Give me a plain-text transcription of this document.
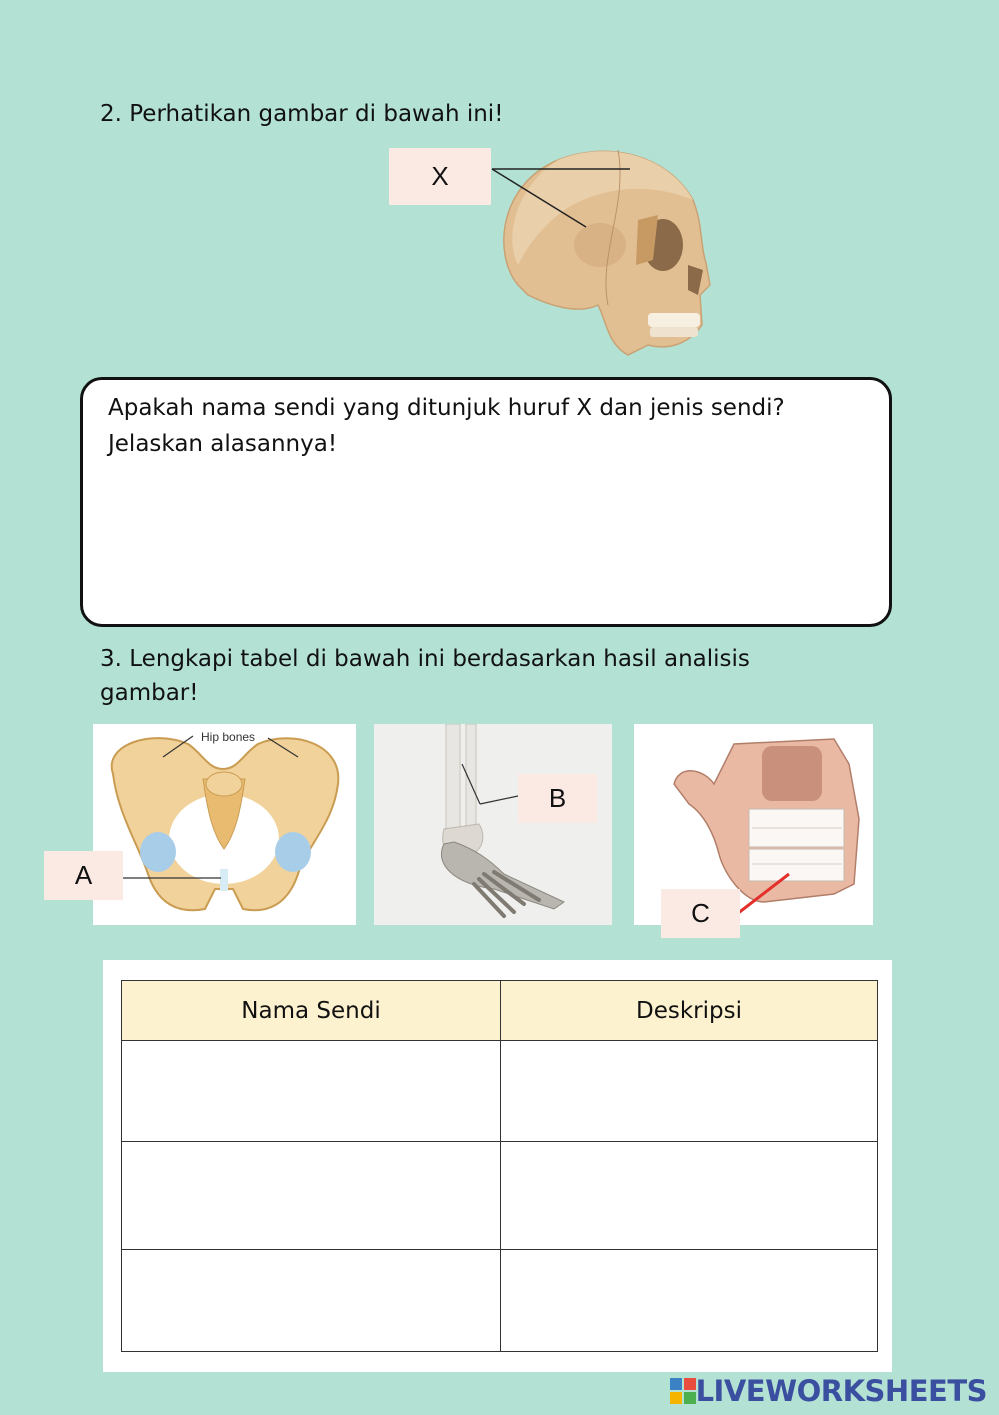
2. Perhatikan gambar di bawah ini!
X
Apakah nama sendi yang ditunjuk huruf X dan jenis sendi?
Jelaskan alasannya!
3. Lengkapi tabel di bawah ini berdasarkan hasil analisis
gambar!
Hip bones
A
B
C
Nama Sendi	Deskripsi

LIVEWORKSHEETS
